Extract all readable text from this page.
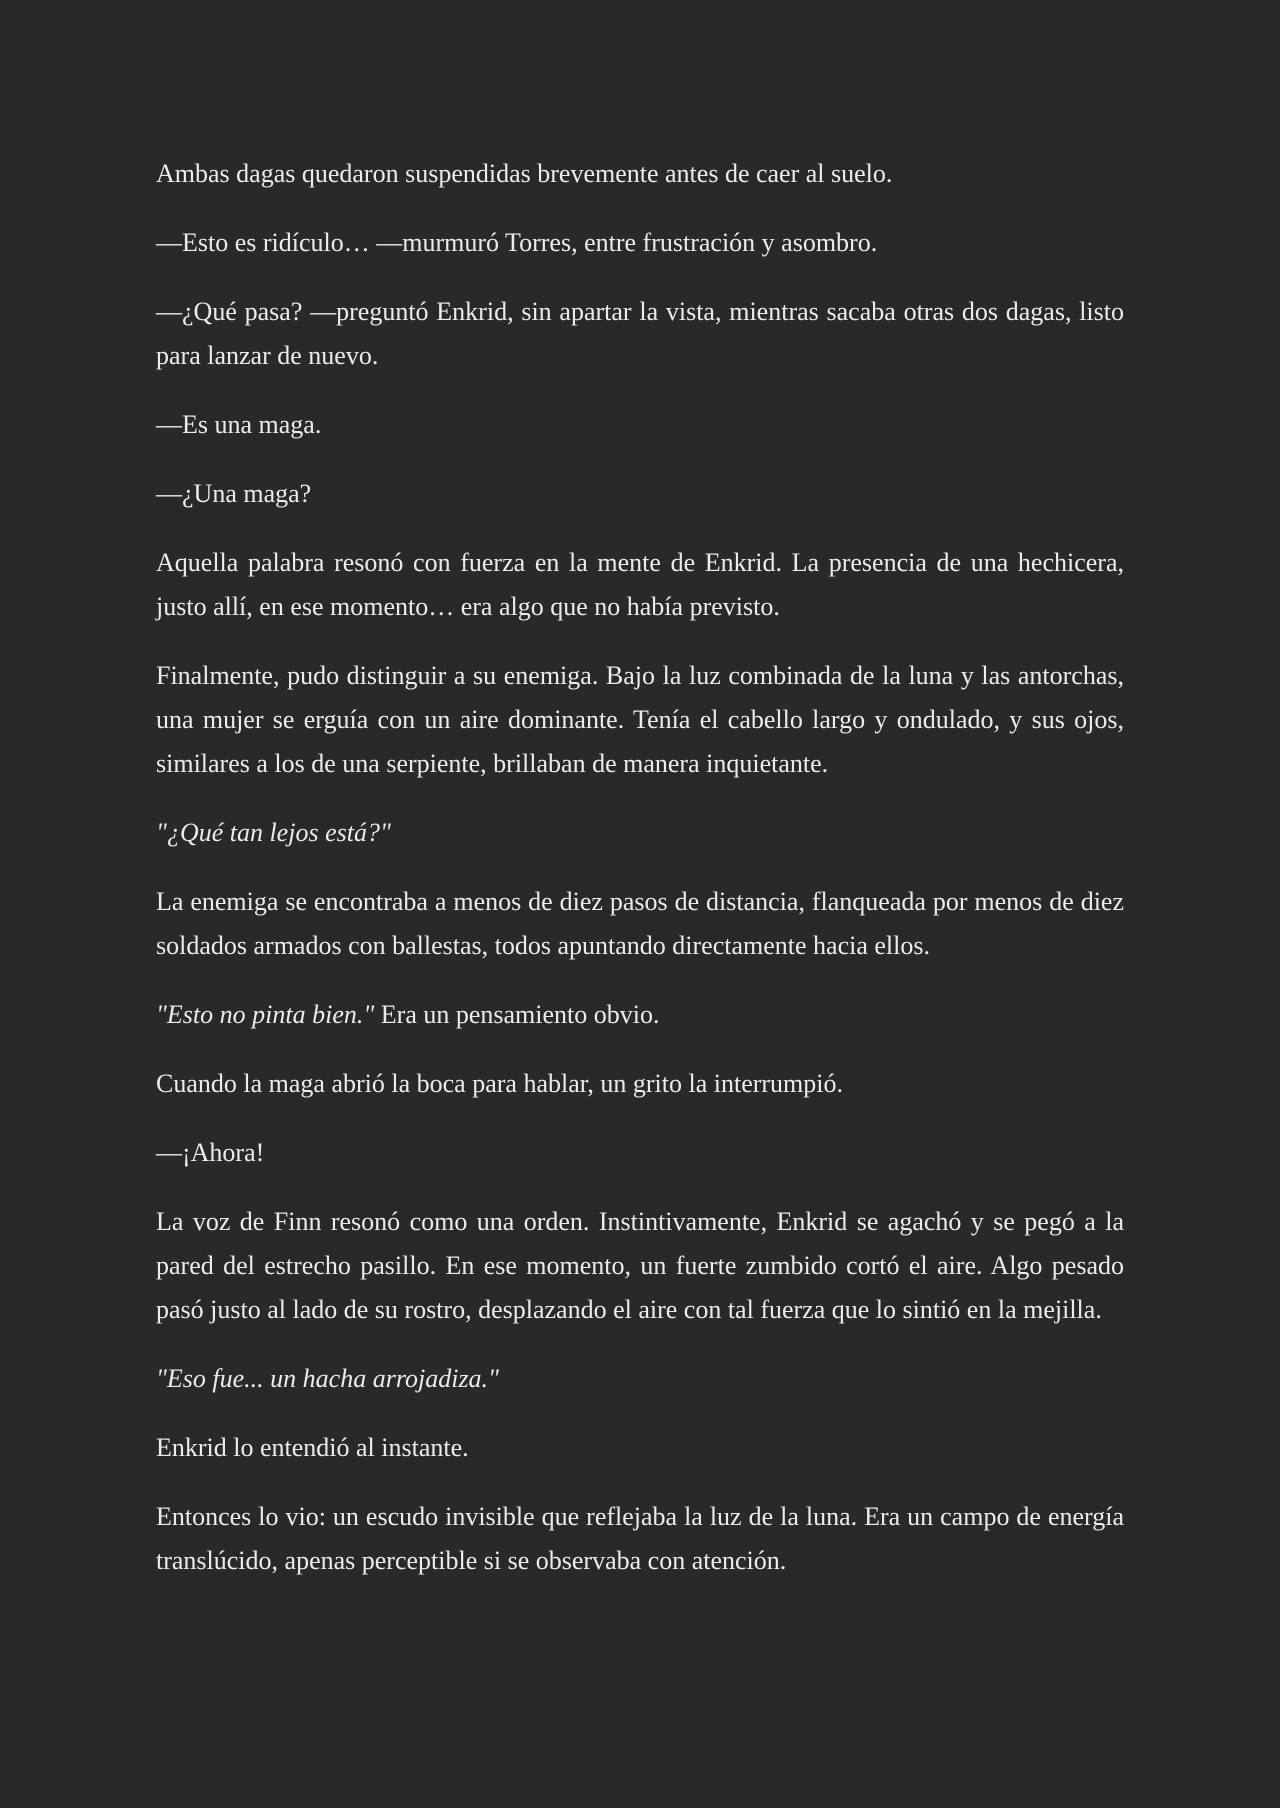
Ambas dagas quedaron suspendidas brevemente antes de caer al suelo.

—Esto es ridículo… —murmuró Torres, entre frustración y asombro.

—¿Qué pasa? —preguntó Enkrid, sin apartar la vista, mientras sacaba otras dos dagas, listo para lanzar de nuevo.

—Es una maga.

—¿Una maga?

Aquella palabra resonó con fuerza en la mente de Enkrid. La presencia de una hechicera, justo allí, en ese momento… era algo que no había previsto.

Finalmente, pudo distinguir a su enemiga. Bajo la luz combinada de la luna y las antorchas, una mujer se erguía con un aire dominante. Tenía el cabello largo y ondulado, y sus ojos, similares a los de una serpiente, brillaban de manera inquietante.

"¿Qué tan lejos está?"

La enemiga se encontraba a menos de diez pasos de distancia, flanqueada por menos de diez soldados armados con ballestas, todos apuntando directamente hacia ellos.

"Esto no pinta bien." Era un pensamiento obvio.

Cuando la maga abrió la boca para hablar, un grito la interrumpió.

—¡Ahora!

La voz de Finn resonó como una orden. Instintivamente, Enkrid se agachó y se pegó a la pared del estrecho pasillo. En ese momento, un fuerte zumbido cortó el aire. Algo pesado pasó justo al lado de su rostro, desplazando el aire con tal fuerza que lo sintió en la mejilla.

"Eso fue... un hacha arrojadiza."

Enkrid lo entendió al instante.

Entonces lo vio: un escudo invisible que reflejaba la luz de la luna. Era un campo de energía translúcido, apenas perceptible si se observaba con atención.
